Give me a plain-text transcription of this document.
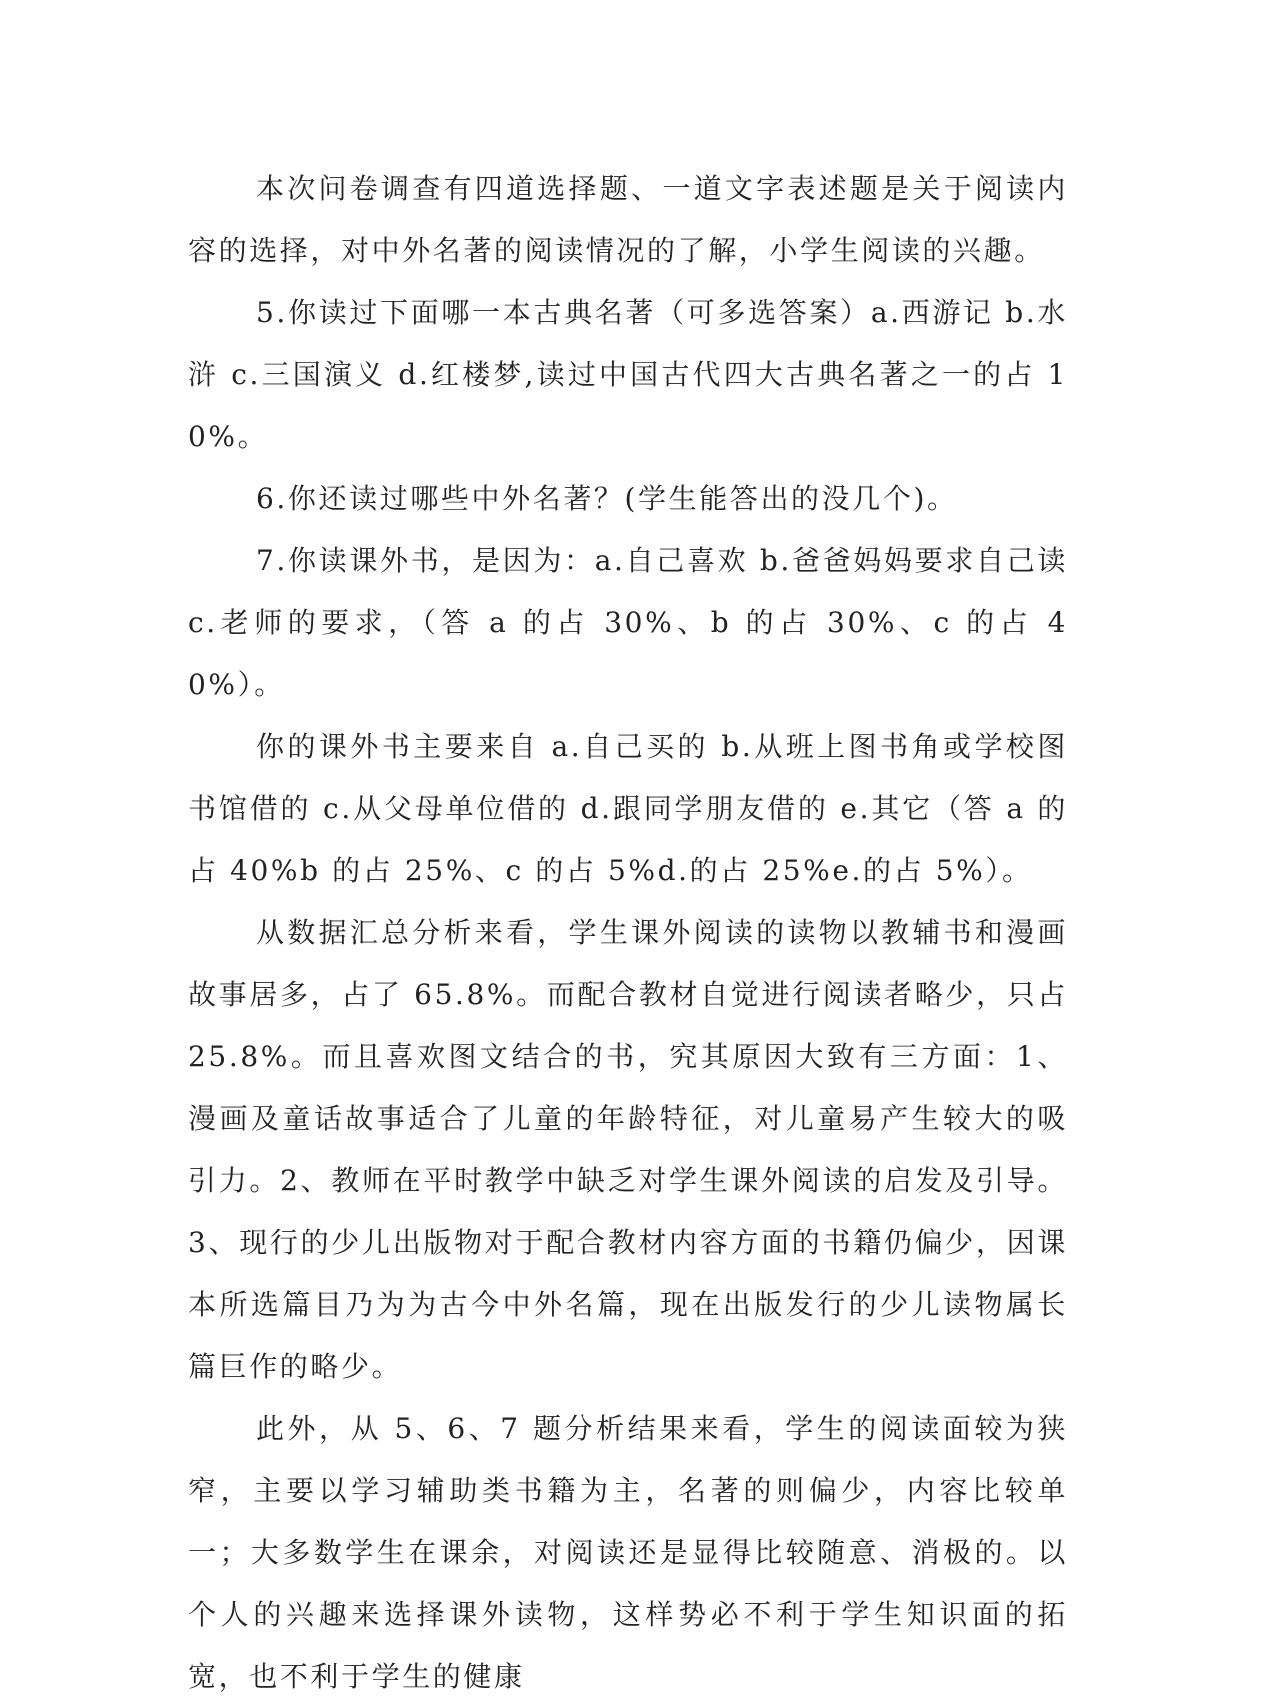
本次问卷调查有四道选择题、一道文字表述题是关于阅读内容的选择，对中外名著的阅读情况的了解，小学生阅读的兴趣。

5.你读过下面哪一本古典名著（可多选答案）a.西游记 b.水浒 c.三国演义 d.红楼梦,读过中国古代四大古典名著之一的占 10%。

6.你还读过哪些中外名著？(学生能答出的没几个)。

7.你读课外书，是因为：a.自己喜欢 b.爸爸妈妈要求自己读 c.老师的要求，（答 a 的占 30%、b 的占 30%、c 的占 40%）。

你的课外书主要来自 a.自己买的 b.从班上图书角或学校图书馆借的 c.从父母单位借的 d.跟同学朋友借的 e.其它（答 a 的占 40%b 的占 25%、c 的占 5%d.的占 25%e.的占 5%）。

从数据汇总分析来看，学生课外阅读的读物以教辅书和漫画故事居多，占了 65.8%。而配合教材自觉进行阅读者略少，只占 25.8%。而且喜欢图文结合的书，究其原因大致有三方面：1、漫画及童话故事适合了儿童的年龄特征，对儿童易产生较大的吸引力。2、教师在平时教学中缺乏对学生课外阅读的启发及引导。3、现行的少儿出版物对于配合教材内容方面的书籍仍偏少，因课本所选篇目乃为为古今中外名篇，现在出版发行的少儿读物属长篇巨作的略少。

此外，从 5、6、7 题分析结果来看，学生的阅读面较为狭窄，主要以学习辅助类书籍为主，名著的则偏少，内容比较单一；大多数学生在课余，对阅读还是显得比较随意、消极的。以个人的兴趣来选择课外读物，这样势必不利于学生知识面的拓宽，也不利于学生的健康
